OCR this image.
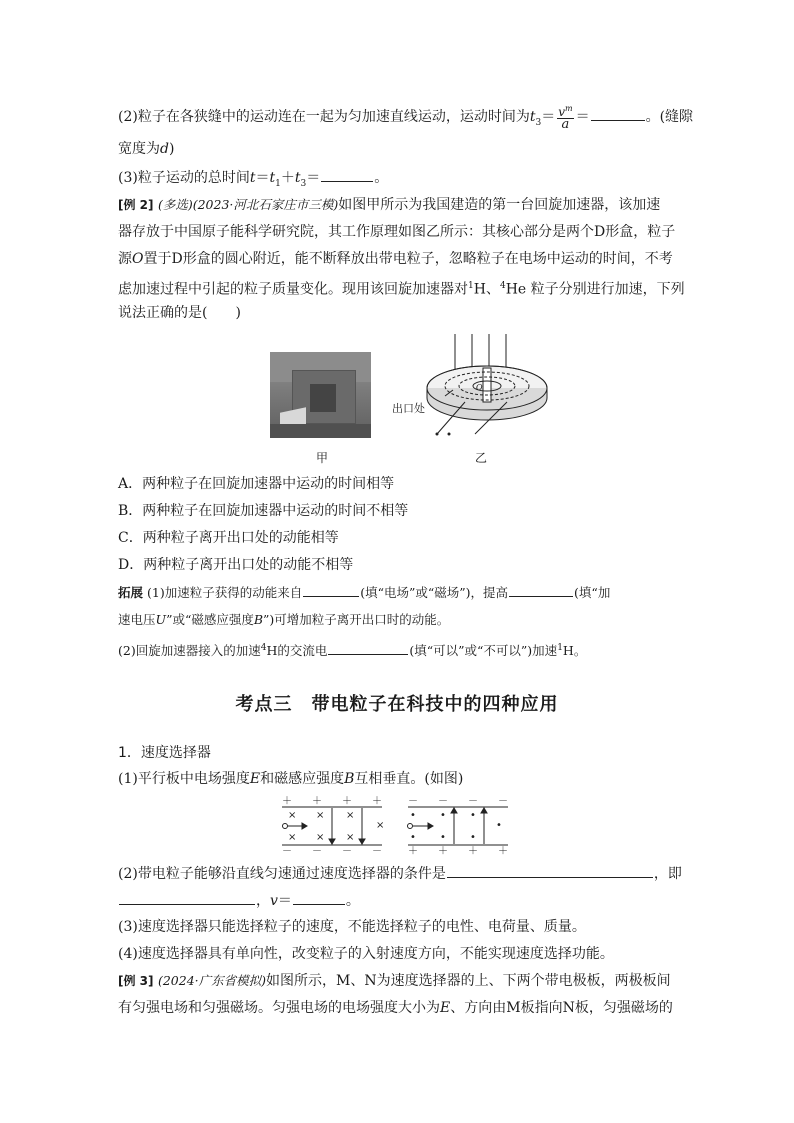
(2)粒子在各狭缝中的运动连在一起为匀加速直线运动，运动时间为$t_3= \frac{v^m}{a}$ ＝	。(缝隙
宽度为d)
(3)粒子运动的总时间$t=t_1+t_3=$	。
[例 2] (多选)(2023·河北石家庄市三模)如图甲所示为我国建造的第一台回旋加速器，该加速
器存放于中国原子能科学研究院，其工作原理如图乙所示：其核心部分是两个D形盒，粒子
源O置于D形盒的圆心附近，能不断释放出带电粒子，忽略粒子在电场中运动的时间，不考
虑加速过程中引起的粒子质量变化。现用该回旋加速器对$^1$H、$^4$He 粒子分别进行加速，下列
说法正确的是(　　)
O
出口处
甲	乙
A．两种粒子在回旋加速器中运动的时间相等
B．两种粒子在回旋加速器中运动的时间不相等
C．两种粒子离开出口处的动能相等
D．两种粒子离开出口处的动能不相等
拓展 (1)加速粒子获得的动能来自	(填“电场”或“磁场”)，提高	(填“加
速电压U”或“磁感应强度B”)可增加粒子离开出口时的动能。
(2)回旋加速器接入的加速$^4$H的交流电	(填“可以”或“不可以”)加速$^1$H。
考点三　带电粒子在科技中的四种应用
1．速度选择器
(1)平行板中电场强度E和磁感应强度B互相垂直。(如图)
＋ ＋ ＋ ＋
－ － － －
× × ×
× × ×
×
－ － － －
＋ ＋ ＋ ＋
• • •
• • •
•
(2)带电粒子能够沿直线匀速通过速度选择器的条件是	，即
，v＝	。
(3)速度选择器只能选择粒子的速度，不能选择粒子的电性、电荷量、质量。
(4)速度选择器具有单向性，改变粒子的入射速度方向，不能实现速度选择功能。
[例 3] (2024·广东省模拟)如图所示，M、N为速度选择器的上、下两个带电极板，两极板间
有匀强电场和匀强磁场。匀强电场的电场强度大小为E、方向由M板指向N板，匀强磁场的
